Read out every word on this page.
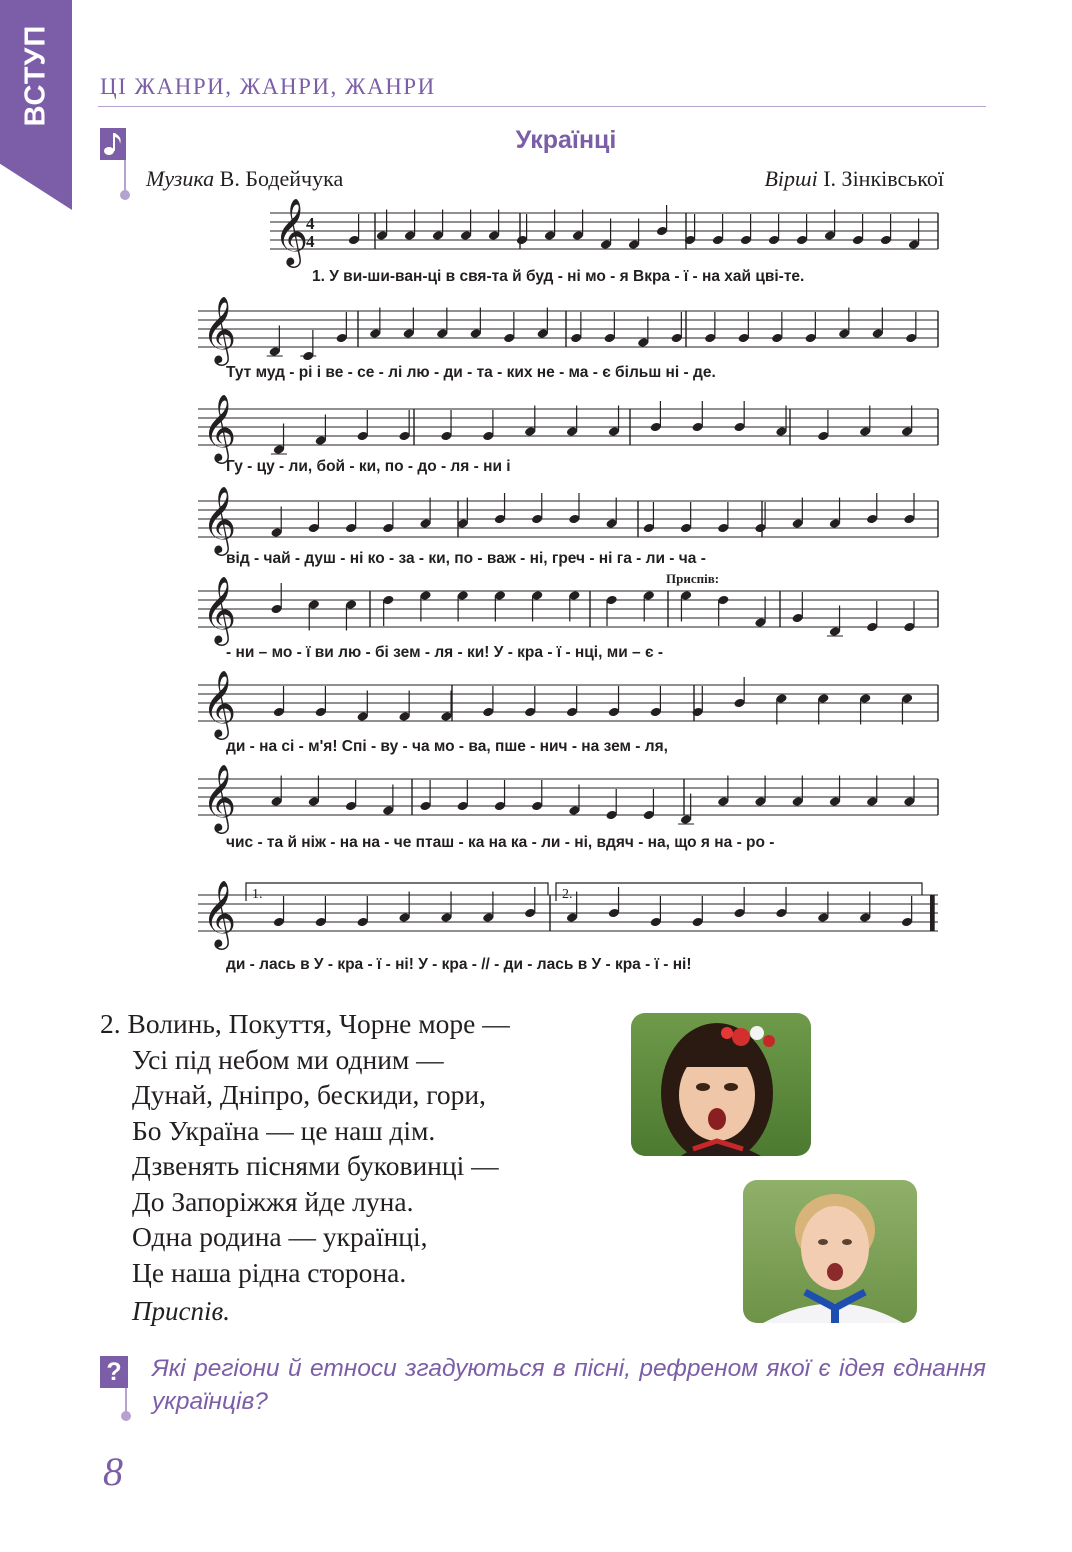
ВСТУП ЦІ ЖАНРИ, ЖАНРИ, ЖАНРИ
Українці
Музика В. Бодейчука	Вірші І. Зінківської
𝄞
1. У ви-ши-ван-ці в свя-та й буд - ні мо - я Вкра - ї - на хай цві-те.
𝄞
Тут муд - рі і ве - се - лі лю - ди - та - ких не - ма - є більш ні - де.
𝄞
Гу - цу - ли, бой - ки, по - до - ля - ни і
𝄞
від - чай - душ - ні ко - за - ки, по - важ - ні, греч - ні га - ли - ча -
𝄞
- ни – мо - ї ви лю - бі зем - ля - ки! У - кра - ї - нці, ми – є -
𝄞
ди - на сі - м'я! Спі - ву - ча мо - ва, пше - нич - на зем - ля,
𝄞
чис - та й ніж - на на - че пташ - ка на ка - ли - ні, вдяч - на, що я на - ро -
𝄞
ди - лась в У - кра - ї - ні! У - кра - // - ди - лась в У - кра - ї - ні!
4
4
Приспів:
1.	2.
2. Волинь, Покуття, Чорне море —
Усі під небом ми одним —
Дунай, Дніпро, бескиди, гори,
Бо Україна — це наш дім.
Дзвенять піснями буковинці —
До Запоріжжя йде луна.
Одна родина — українці,
Це наша рідна сторона.
Приспів.
? Які регіони й етноси згадуються в пісні, рефреном якої є ідея єднання українців?
8
